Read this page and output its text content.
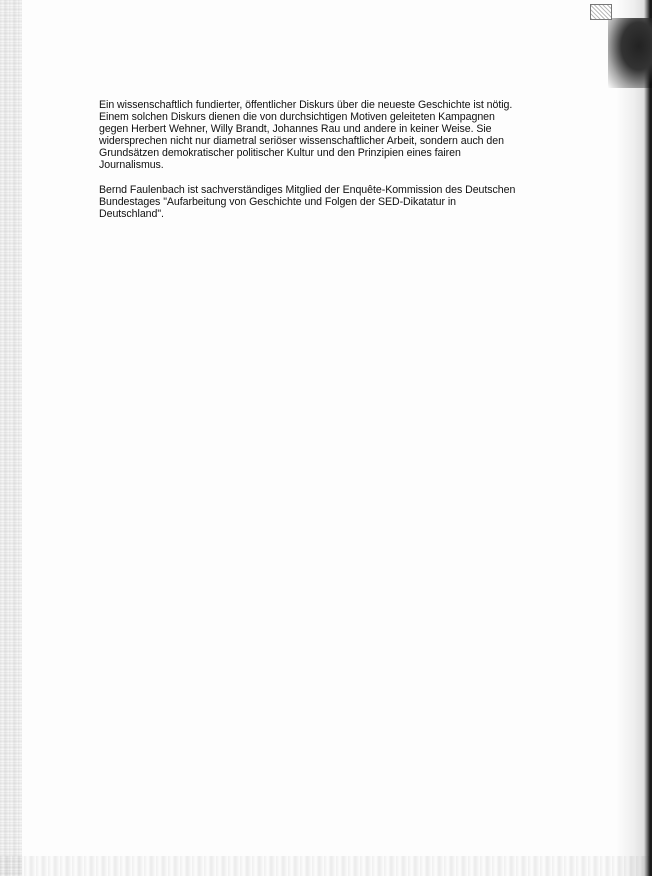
Ein wissenschaftlich fundierter, öffentlicher Diskurs über die neueste Geschichte ist nötig. Einem solchen Diskurs dienen die von durchsichtigen Motiven geleiteten Kampagnen gegen Herbert Wehner, Willy Brandt, Johannes Rau und andere in keiner Weise. Sie widersprechen nicht nur diametral seriöser wissenschaftlicher Arbeit, sondern auch den Grundsätzen demokratischer politischer Kultur und den Prinzipien eines fairen Journalismus.

Bernd Faulenbach ist sachverständiges Mitglied der Enquête-Kommission des Deutschen Bundestages "Aufarbeitung von Geschichte und Folgen der SED-Dikatatur in Deutschland".
